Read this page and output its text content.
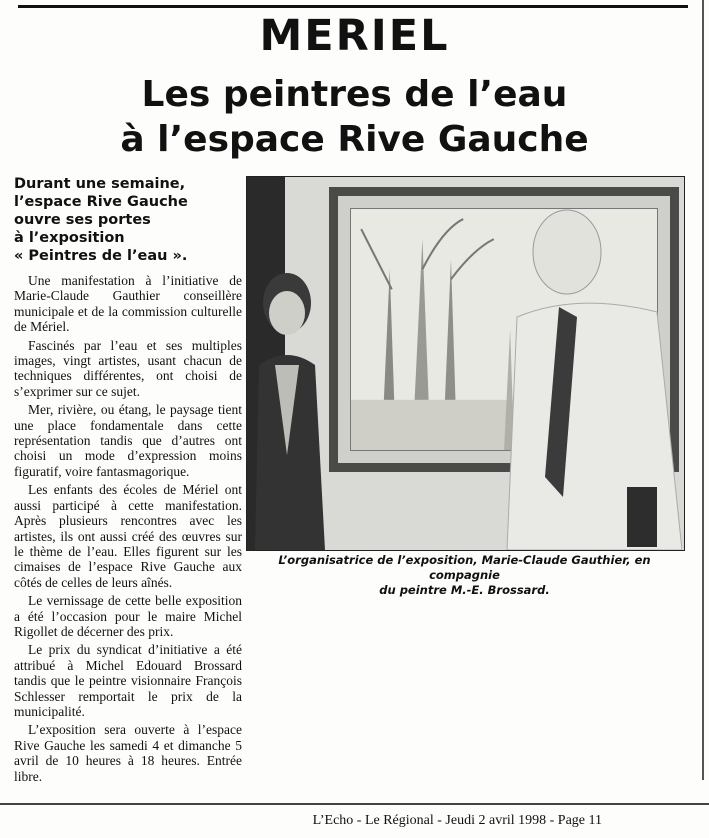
MERIEL
Les peintres de l’eau
à l’espace Rive Gauche
Durant une semaine,
l’espace Rive Gauche
ouvre ses portes
à l’exposition
« Peintres de l’eau ».

Une manifestation à l’initiative de Marie-Claude Gauthier conseillère municipale et de la commission culturelle de Mériel.

Fascinés par l’eau et ses multiples images, vingt artistes, usant chacun de techniques différentes, ont choisi de s’exprimer sur ce sujet.

Mer, rivière, ou étang, le paysage tient une place fondamentale dans cette représentation tandis que d’autres ont choisi un mode d’expression moins figuratif, voire fantasmagorique.

Les enfants des écoles de Mériel ont aussi participé à cette manifestation. Après plusieurs rencontres avec les artistes, ils ont aussi créé des œuvres sur le thème de l’eau. Elles figurent sur les cimaises de l’espace Rive Gauche aux côtés de celles de leurs aînés.

Le vernissage de cette belle exposition a été l’occasion pour le maire Michel Rigollet de décerner des prix.

Le prix du syndicat d’initiative a été attribué à Michel Edouard Brossard tandis que le peintre visionnaire François Schlesser remportait le prix de la municipalité.

L’exposition sera ouverte à l’espace Rive Gauche les samedi 4 et dimanche 5 avril de 10 heures à 18 heures. Entrée libre.

L’organisatrice de l’exposition, Marie-Claude Gauthier, en compagnie
du peintre M.-E. Brossard.
L’Echo - Le Régional - Jeudi 2 avril 1998 - Page 11
